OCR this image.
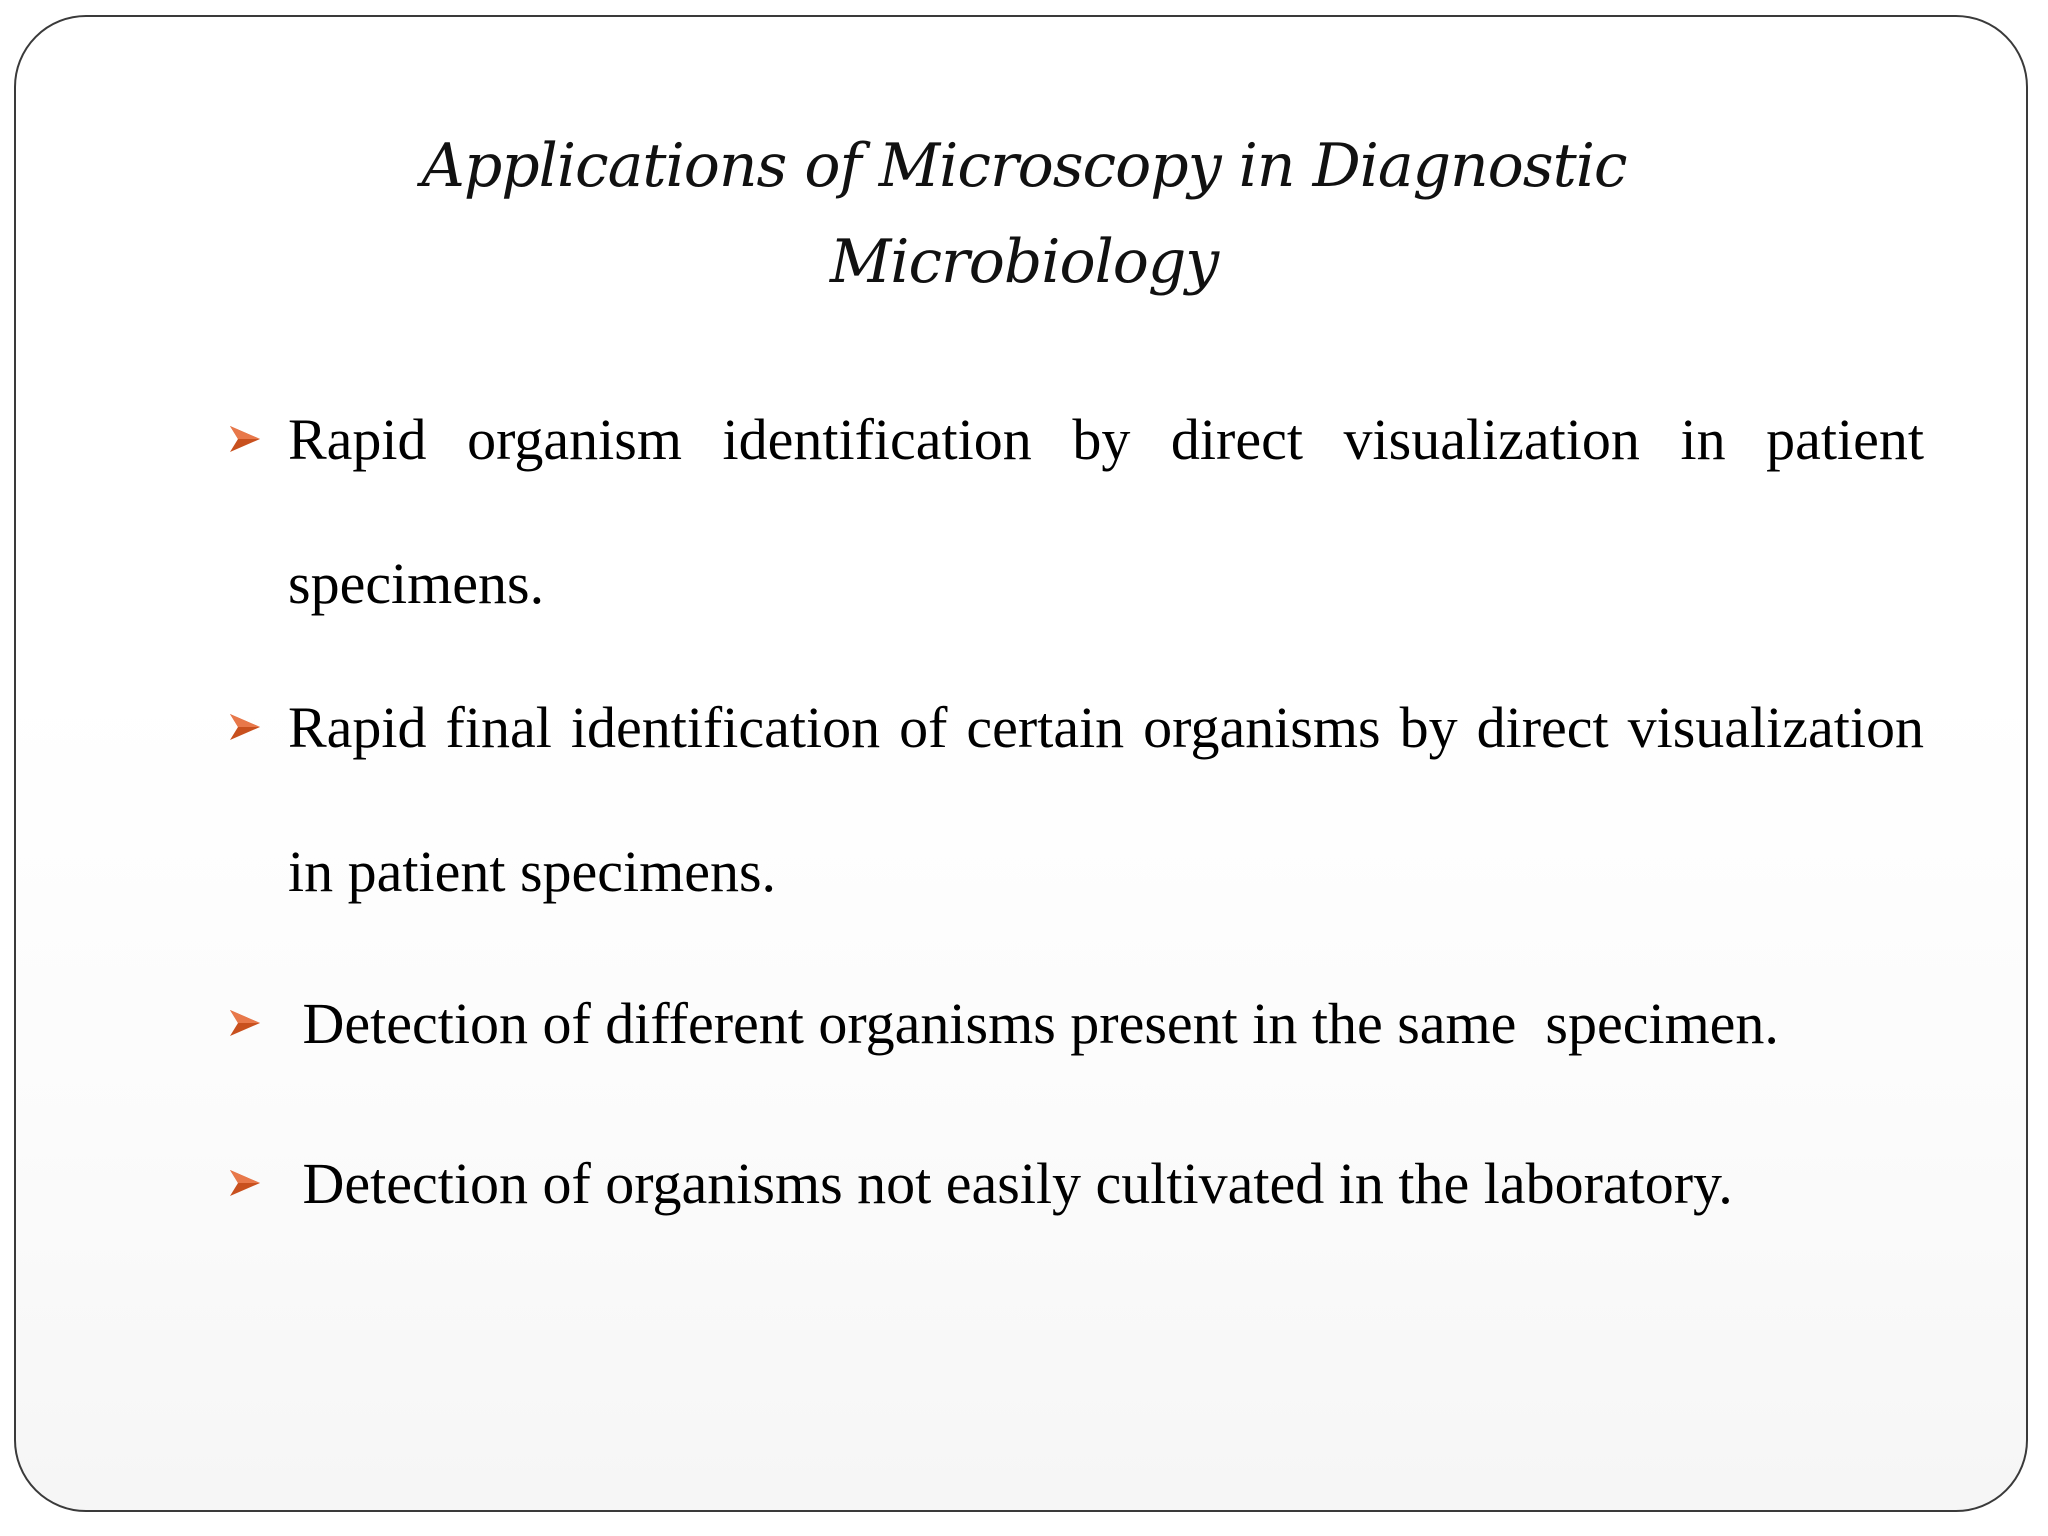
Applications of Microscopy in Diagnostic
Microbiology
Rapid organism identification by direct visualization in patient specimens.
Rapid final identification of certain organisms by direct visualization in patient specimens.
Detection of different organisms present in the same  specimen.
Detection of organisms not easily cultivated in the laboratory.
